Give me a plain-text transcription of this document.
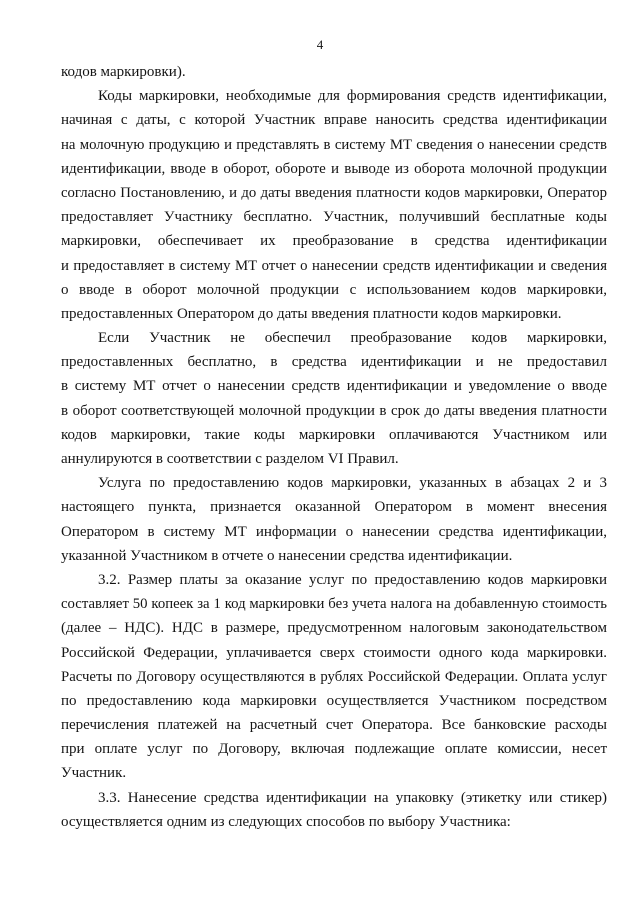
4
кодов маркировки).
Коды маркировки, необходимые для формирования средств идентификации,
начиная с даты, с которой Участник вправе наносить средства идентификации
на молочную продукцию и представлять в систему МТ сведения о нанесении средств
идентификации, вводе в оборот, обороте и выводе из оборота молочной продукции
согласно Постановлению, и до даты введения платности кодов маркировки, Оператор
предоставляет Участнику бесплатно. Участник, получивший бесплатные коды
маркировки, обеспечивает их преобразование в средства идентификации
и предоставляет в систему МТ отчет о нанесении средств идентификации и сведения
о вводе в оборот молочной продукции с использованием кодов маркировки,
предоставленных Оператором до даты введения платности кодов маркировки.
Если Участник не обеспечил преобразование кодов маркировки,
предоставленных бесплатно, в средства идентификации и не предоставил
в систему МТ отчет о нанесении средств идентификации и уведомление о вводе
в оборот соответствующей молочной продукции в срок до даты введения платности
кодов маркировки, такие коды маркировки оплачиваются Участником или
аннулируются в соответствии с разделом VI Правил.
Услуга по предоставлению кодов маркировки, указанных в абзацах 2 и 3
настоящего пункта, признается оказанной Оператором в момент внесения
Оператором в систему МТ информации о нанесении средства идентификации,
указанной Участником в отчете о нанесении средства идентификации.
3.2. Размер платы за оказание услуг по предоставлению кодов маркировки
составляет 50 копеек за 1 код маркировки без учета налога на добавленную стоимость
(далее – НДС). НДС в размере, предусмотренном налоговым законодательством
Российской Федерации, уплачивается сверх стоимости одного кода маркировки.
Расчеты по Договору осуществляются в рублях Российской Федерации. Оплата услуг
по предоставлению кода маркировки осуществляется Участником посредством
перечисления платежей на расчетный счет Оператора. Все банковские расходы
при оплате услуг по Договору, включая подлежащие оплате комиссии, несет
Участник.
3.3. Нанесение средства идентификации на упаковку (этикетку или стикер)
осуществляется одним из следующих способов по выбору Участника:
